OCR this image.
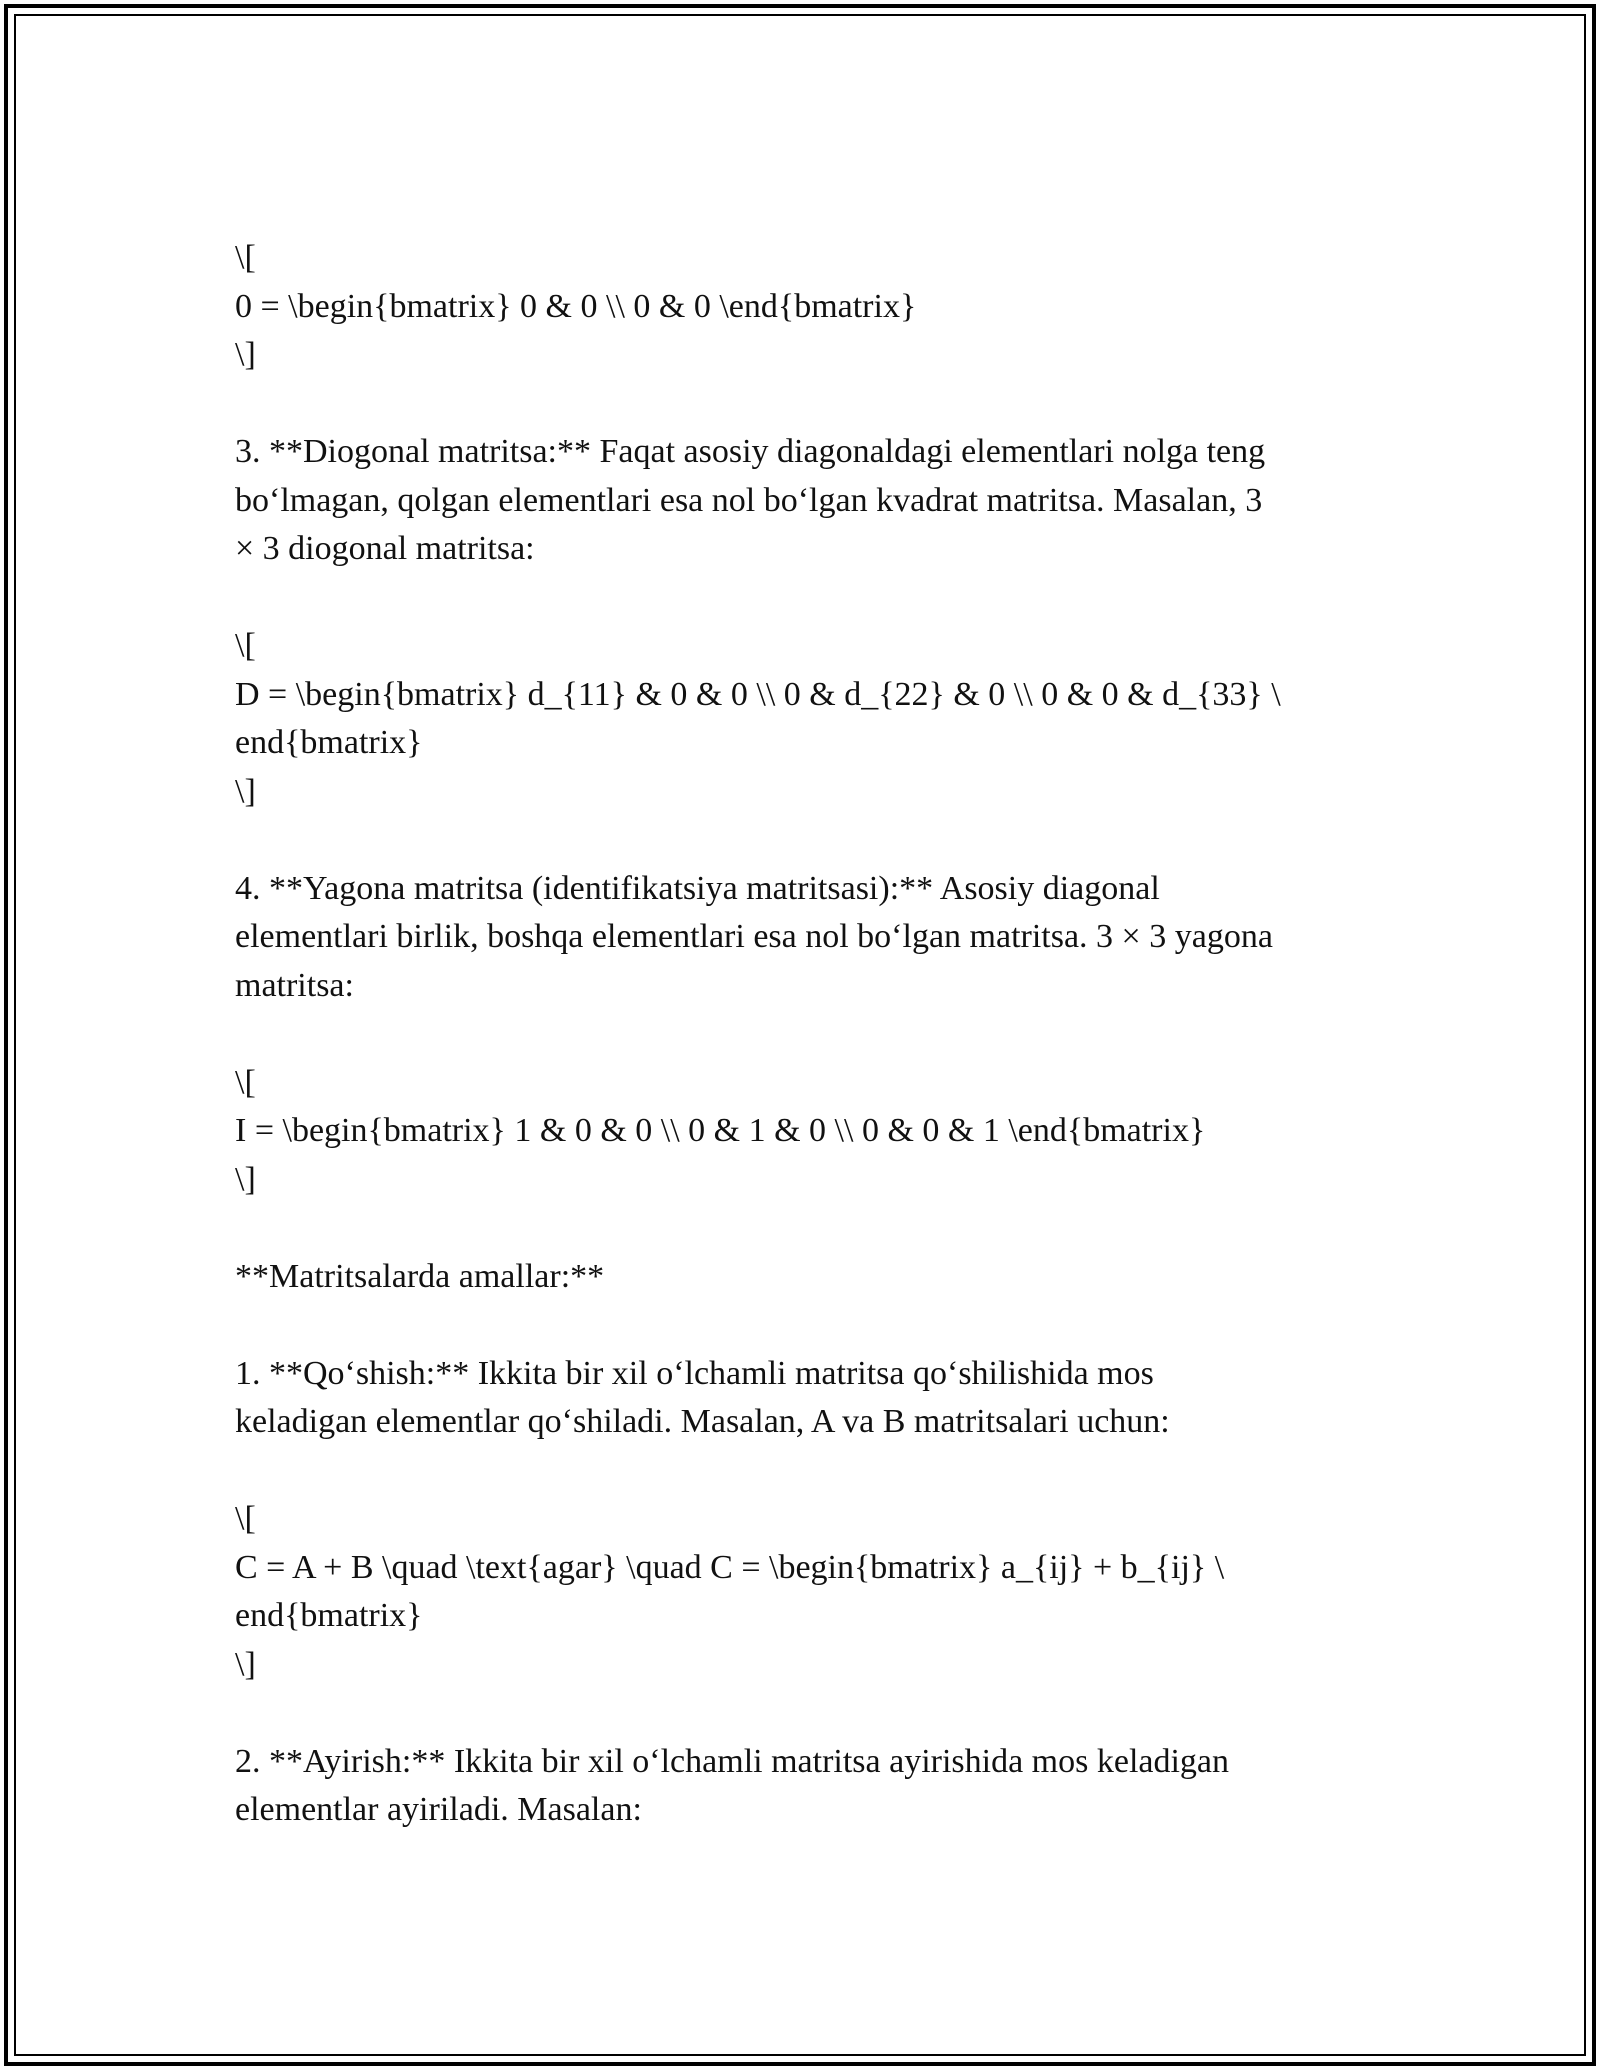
\[
0 = \begin{bmatrix} 0 & 0 \\ 0 & 0 \end{bmatrix}
\]
3. **Diogonal matritsa:** Faqat asosiy diagonaldagi elementlari nolga teng
bo‘lmagan, qolgan elementlari esa nol bo‘lgan kvadrat matritsa. Masalan, 3
× 3 diogonal matritsa:
\[
D = \begin{bmatrix} d_{11} & 0 & 0 \\ 0 & d_{22} & 0 \\ 0 & 0 & d_{33} \
end{bmatrix}
\]
4. **Yagona matritsa (identifikatsiya matritsasi):** Asosiy diagonal
elementlari birlik, boshqa elementlari esa nol bo‘lgan matritsa. 3 × 3 yagona
matritsa:
\[
I = \begin{bmatrix} 1 & 0 & 0 \\ 0 & 1 & 0 \\ 0 & 0 & 1 \end{bmatrix}
\]
**Matritsalarda amallar:**
1. **Qo‘shish:** Ikkita bir xil o‘lchamli matritsa qo‘shilishida mos
keladigan elementlar qo‘shiladi. Masalan, A va B matritsalari uchun:
\[
C = A + B \quad \text{agar} \quad C = \begin{bmatrix} a_{ij} + b_{ij} \
end{bmatrix}
\]
2. **Ayirish:** Ikkita bir xil o‘lchamli matritsa ayirishida mos keladigan
elementlar ayiriladi. Masalan:
